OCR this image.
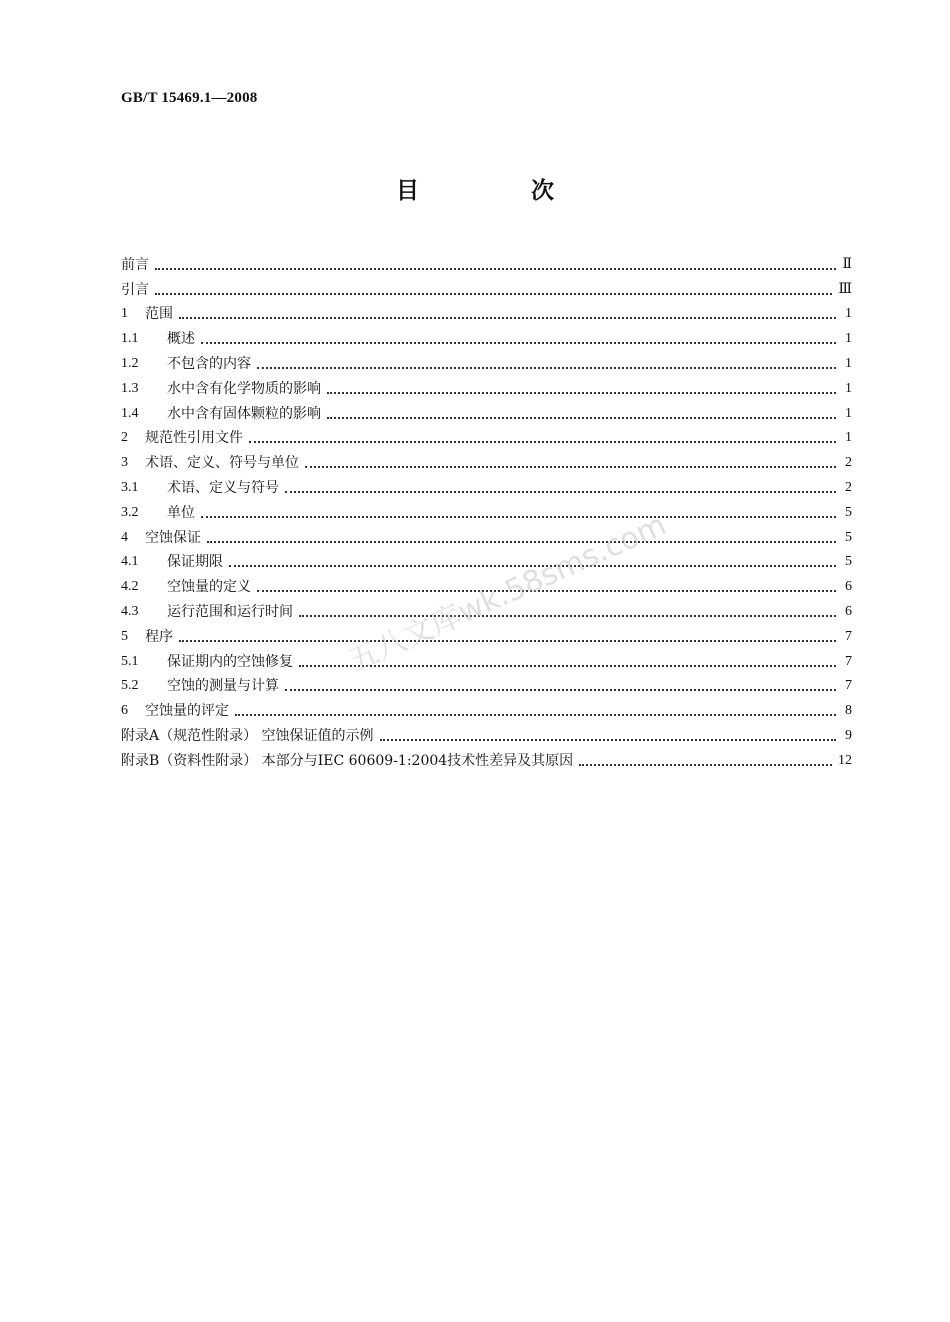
GB/T 15469.1—2008
目 次
前言	Ⅱ
引言	Ⅲ
1	范围	1
1.1	概述	1
1.2	不包含的内容	1
1.3	水中含有化学物质的影响	1
1.4	水中含有固体颗粒的影响	1
2	规范性引用文件	1
3	术语、定义、符号与单位	2
3.1	术语、定义与符号	2
3.2	单位	5
4	空蚀保证	5
4.1	保证期限	5
4.2	空蚀量的定义	6
4.3	运行范围和运行时间	6
5	程序	7
5.1	保证期内的空蚀修复	7
5.2	空蚀的测量与计算	7
6	空蚀量的评定	8
附录A（规范性附录） 空蚀保证值的示例	9
附录B（资料性附录） 本部分与IEC 60609-1:2004技术性差异及其原因	12
五八文库wk.58sms.com
